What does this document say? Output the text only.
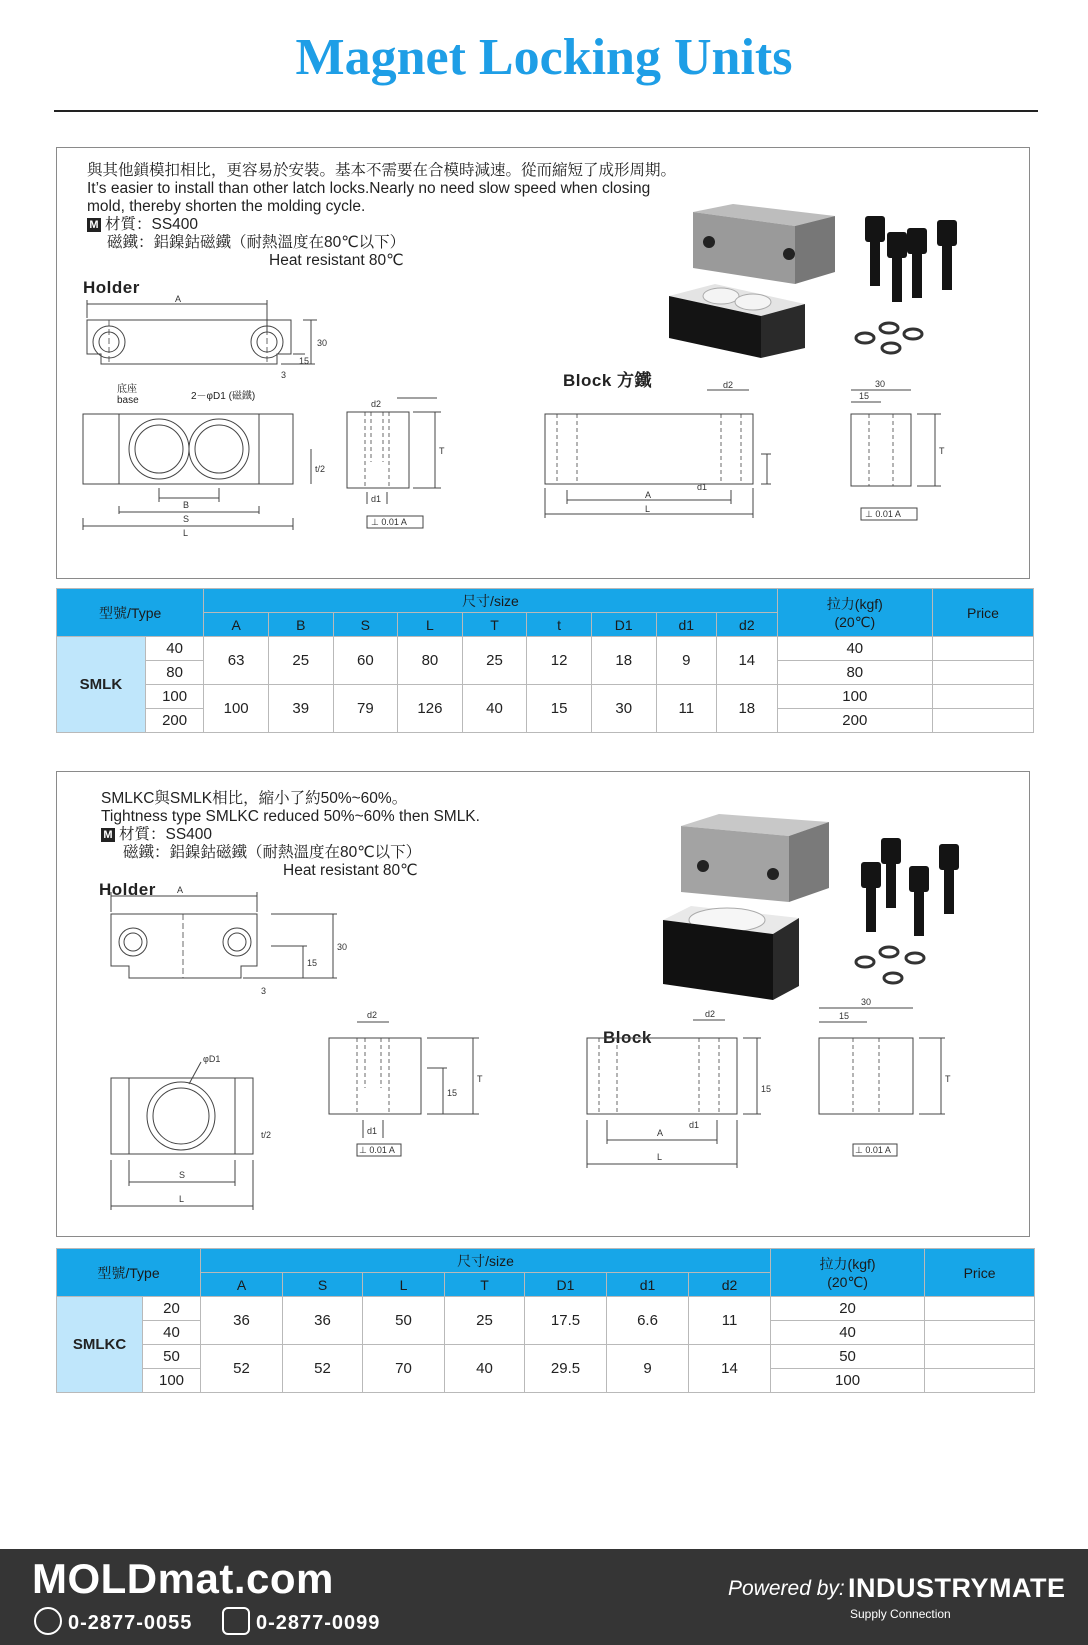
Magnet Locking Units
與其他鎖模扣相比，更容易於安裝。基本不需要在合模時減速。從而縮短了成形周期。
It’s easier to install than other latch locks.Nearly no need slow speed when closing
mold, thereby shorten the molding cycle.
M 材質：SS400
磁鐵：鋁鎳鈷磁鐵（耐熱溫度在80℃以下）
Heat resistant 80℃
Holder
Block 方鐵
A
30
15
3
底座
base	2－φD1 (磁鐵)
B
S
L
t/2
d2
T
d1
⊥ 0.01 A
d2
A
L
d1
30
15
T
⊥ 0.01 A
型號/Type		尺寸/size									拉力(kgf)
(20℃)	Price
		A	B	S	L	T	t	D1	d1	d2		
SMLK	40	63	25	60	80	25	12	18	9	14	40	
	80										80	
	100	100	39	79	126	40	15	30	11	18	100	
	200										200	
SMLKC與SMLK相比，縮小了約50%~60%。
Tightness type SMLKC reduced 50%~60% then SMLK.
M 材質：SS400
磁鐵：鋁鎳鈷磁鐵（耐熱溫度在80℃以下）
Heat resistant 80℃
Holder
Block
A
30
15
3
φD1
S
L
t/2
d2
15
T
d1
⊥ 0.01 A
d2
A
L
d1
15
30
15
T
⊥ 0.01 A
型號/Type		尺寸/size							拉力(kgf)
(20℃)	Price
		A	S	L	T	D1	d1	d2		
SMLKC	20	36	36	50	25	17.5	6.6	11	20	
	40								40	
	50	52	52	70	40	29.5	9	14	50	
	100								100	
MOLDmat.com
0-2877-0055	0-2877-0099
Powered by: INDUSTRYMATE
Supply Connection
